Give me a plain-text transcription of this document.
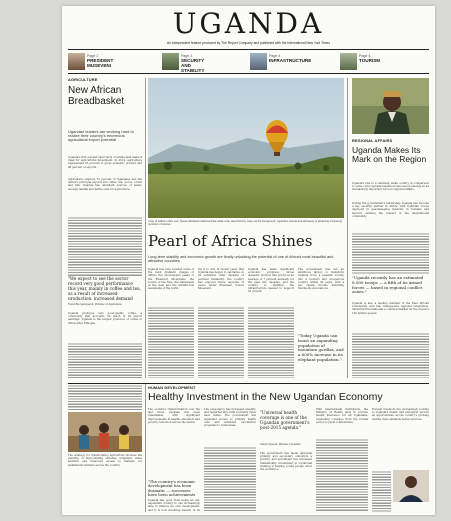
UGANDA
An independent feature produced by The Report Company and published with the International New York Times
Page 2
PRESIDENT MUSEVENI
Page 3
SECURITY AND STABILITY
Page 4
INFRASTRUCTURE
Page 4
TOURISM
AGRICULTURE
New African Breadbasket
Ugandan leaders are working hard to realize their country's enormous agricultural export potential
Uganda's rich soil and vast tracts of arable land make it ideal for agricultural investment. In 2014, agriculture represented 23 percent of gross domestic product and 48 percent of exports.
Agriculture employs 72 percent of Ugandans and the nation's principal exports are coffee, tea, cocoa, cotton and fish. Uganda has abundant sources of water, enough rainfall and fertile soils for agriculture.
"We expect to see the sector record very good performance this year, mainly in coffee and tea, as a result of increased production, increased demand
Tress Bucyanayandi, Minister of Agriculture
Uganda produces very good-quality coffee, a commodity that accounts for much of its export earnings. Uganda is the largest producer of coffee in Africa after Ethiopia.
A fan of balloon rides over Queen Elizabeth National Park while a fan described by many as the foreground: Uganda's natural animal beauty is attracting increasing numbers of visitors.
Pearl of Africa Shines
Long-term stability and economic growth are finally unlocking the potential of one of Africa's most beautiful and attractive countries
Uganda has long boasted some of the most dramatic images of Africa: the snowcapped peaks of the Rwenzori Mountains, the source of the Nile, the rainforests of the west and the wildlife-rich savannahs of the north.
Yet it is only in recent years that Uganda has begun to capitalize on its potential. After decades of political instability, the country has enjoyed three decades of peace under President Yoweri Museveni.
Uganda has made significant economic progress. Gross domestic product has grown at an average of 7 percent annually for the past two decades, and the country is building the infrastructure needed to support its growth.
The government has set an ambitious target: to transform Uganda from a peasant society into a modern and prosperous country within 30 years, with a per capita income matching middle-income nations.
"Today Uganda can boast an expanding population of mountain gorillas, and a 600% increase in its elephant population."
REGIONAL AFFAIRS
Uganda Makes Its Mark on the Region
Uganda's rise to a relatively small country in comparison to some of its regional neighbors has seen it emerge as an increasingly important force in regional affairs.
During the government's leadership, Uganda has become a key security partner in Africa, with Ugandan troops deployed in peacekeeping missions in Somalia and beyond, earning the respect of the international community.
"Uganda recently has an estimated 8,000 troops — a fifth of its armed forces — based in regional conflict zones."
Uganda is also a leading member of the East African Community, and has championed regional integration, infrastructure links and a common market for the region's 150 million people.
HUMAN DEVELOPMENT
Healthy Investment in the New Ugandan Economy
The strategy for transforming agriculture involves the planting of high-yielding varieties, irrigation, value addition and improved access to markets for smallholder farmers across the country.
The country's transformation over the last three decades has been remarkable, with significant improvements in health, education and poverty reduction across the nation.
"The country's economic development has been dramatic — successes have been achievements
Uganda has gone from being an aid-dependent country to one increasingly able to finance its own development, and it is now investing heavily in its
Life expectancy has increased steadily, and maternal and child mortality rates have fallen. The government has expanded access to primary health care and extended vaccination programs to rural areas.
"Universal health coverage is one of the Ugandan government's post-2015 agenda."
Sarah Opendi, Minister of Health
The government has made universal primary and secondary education a priority, and enrollment has increased dramatically. Investment in vocational training is helping young people enter the workforce.
With international institutions, the Ministry of Health aims to provide health insurance for all Ugandans, expanding coverage from the formal sector to rural communities.
Foreign investors are increasingly looking to Uganda's health and education sectors as opportunities, as the country's growing middle class demands better services.
